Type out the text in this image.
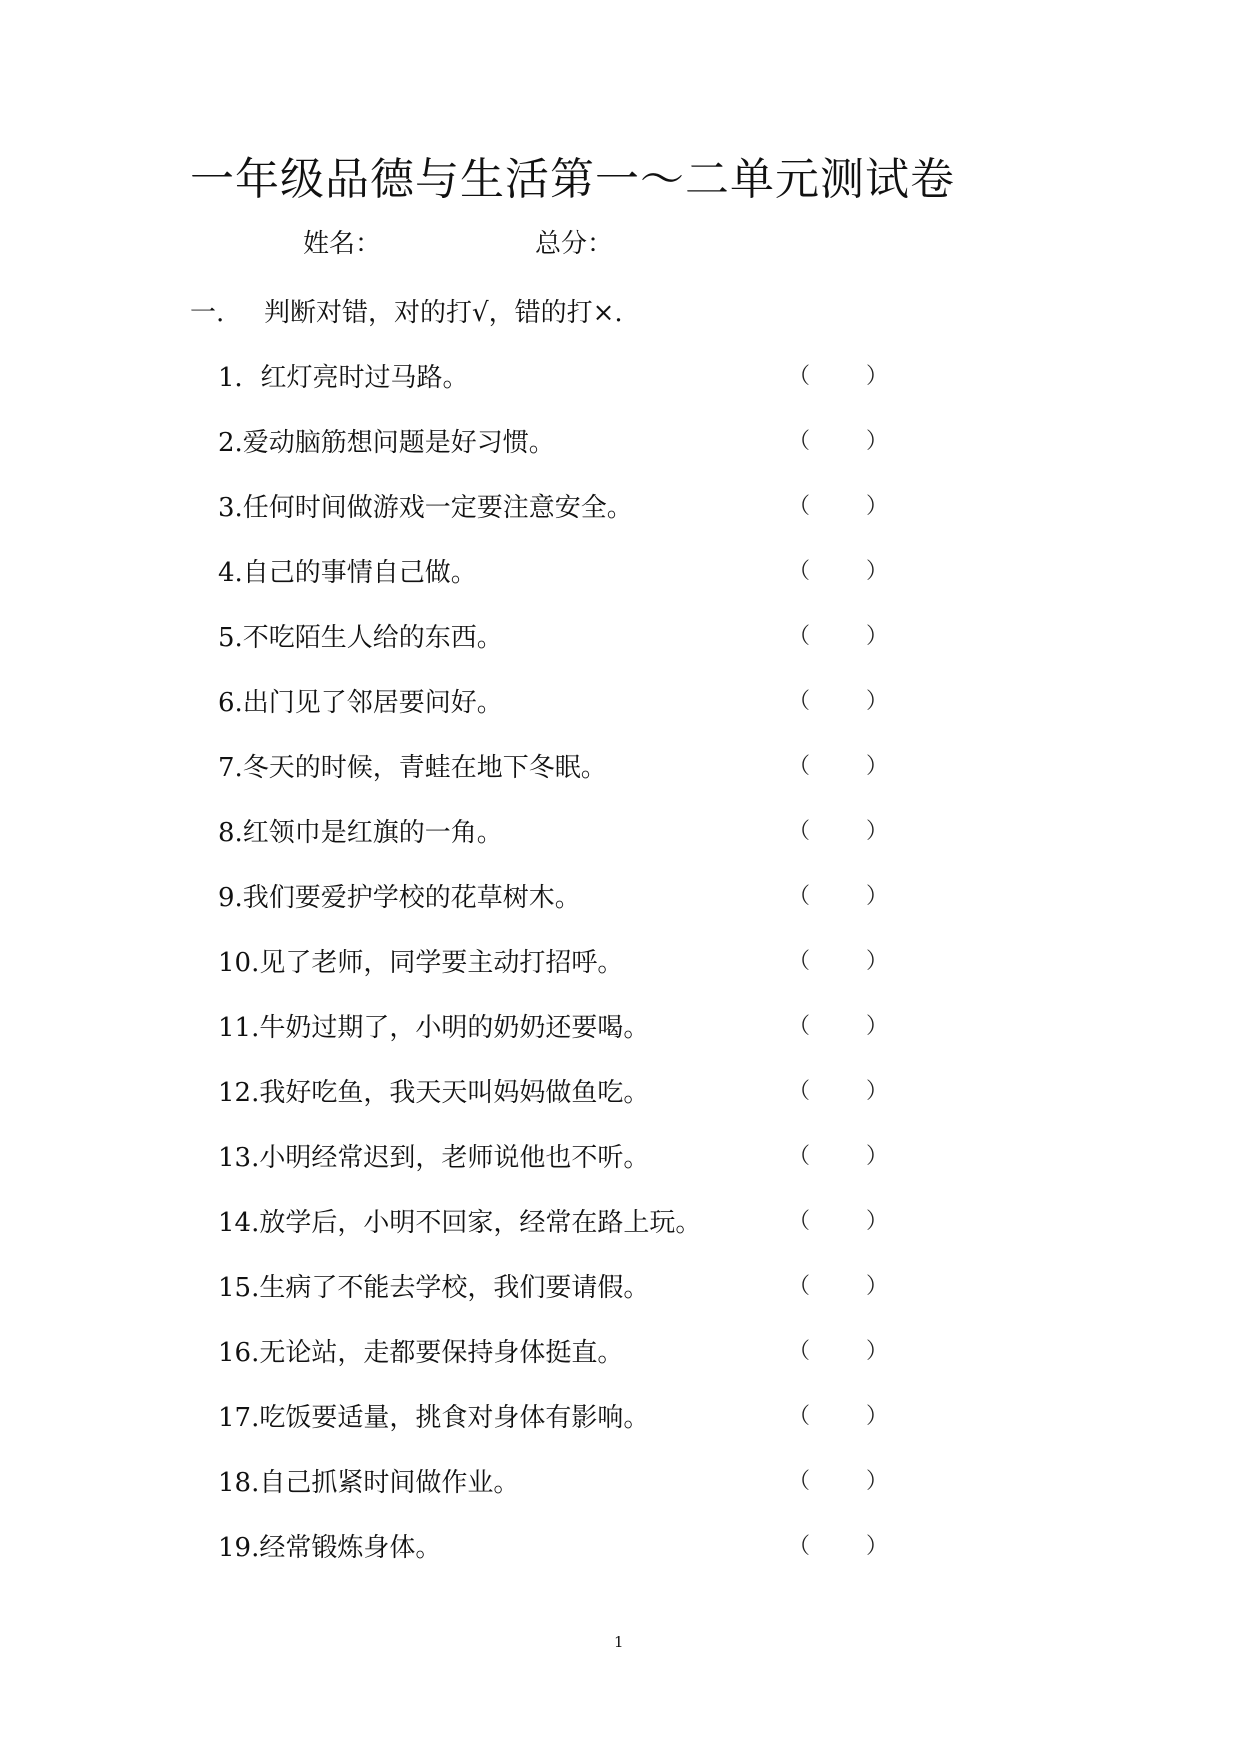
一年级品德与生活第一～二单元测试卷
姓名：	总分：
一. 判断对错，对的打√，错的打×.
1．红灯亮时过马路。	（	）
2.爱动脑筋想问题是好习惯。	（	）
3.任何时间做游戏一定要注意安全。	（	）
4.自己的事情自己做。	（	）
5.不吃陌生人给的东西。	（	）
6.出门见了邻居要问好。	（	）
7.冬天的时候，青蛙在地下冬眠。	（	）
8.红领巾是红旗的一角。	（	）
9.我们要爱护学校的花草树木。	（	）
10.见了老师，同学要主动打招呼。	（	）
11.牛奶过期了，小明的奶奶还要喝。	（	）
12.我好吃鱼，我天天叫妈妈做鱼吃。	（	）
13.小明经常迟到，老师说他也不听。	（	）
14.放学后，小明不回家，经常在路上玩。	（	）
15.生病了不能去学校，我们要请假。	（	）
16.无论站，走都要保持身体挺直。	（	）
17.吃饭要适量，挑食对身体有影响。	（	）
18.自己抓紧时间做作业。	（	）
19.经常锻炼身体。	（	）
1
